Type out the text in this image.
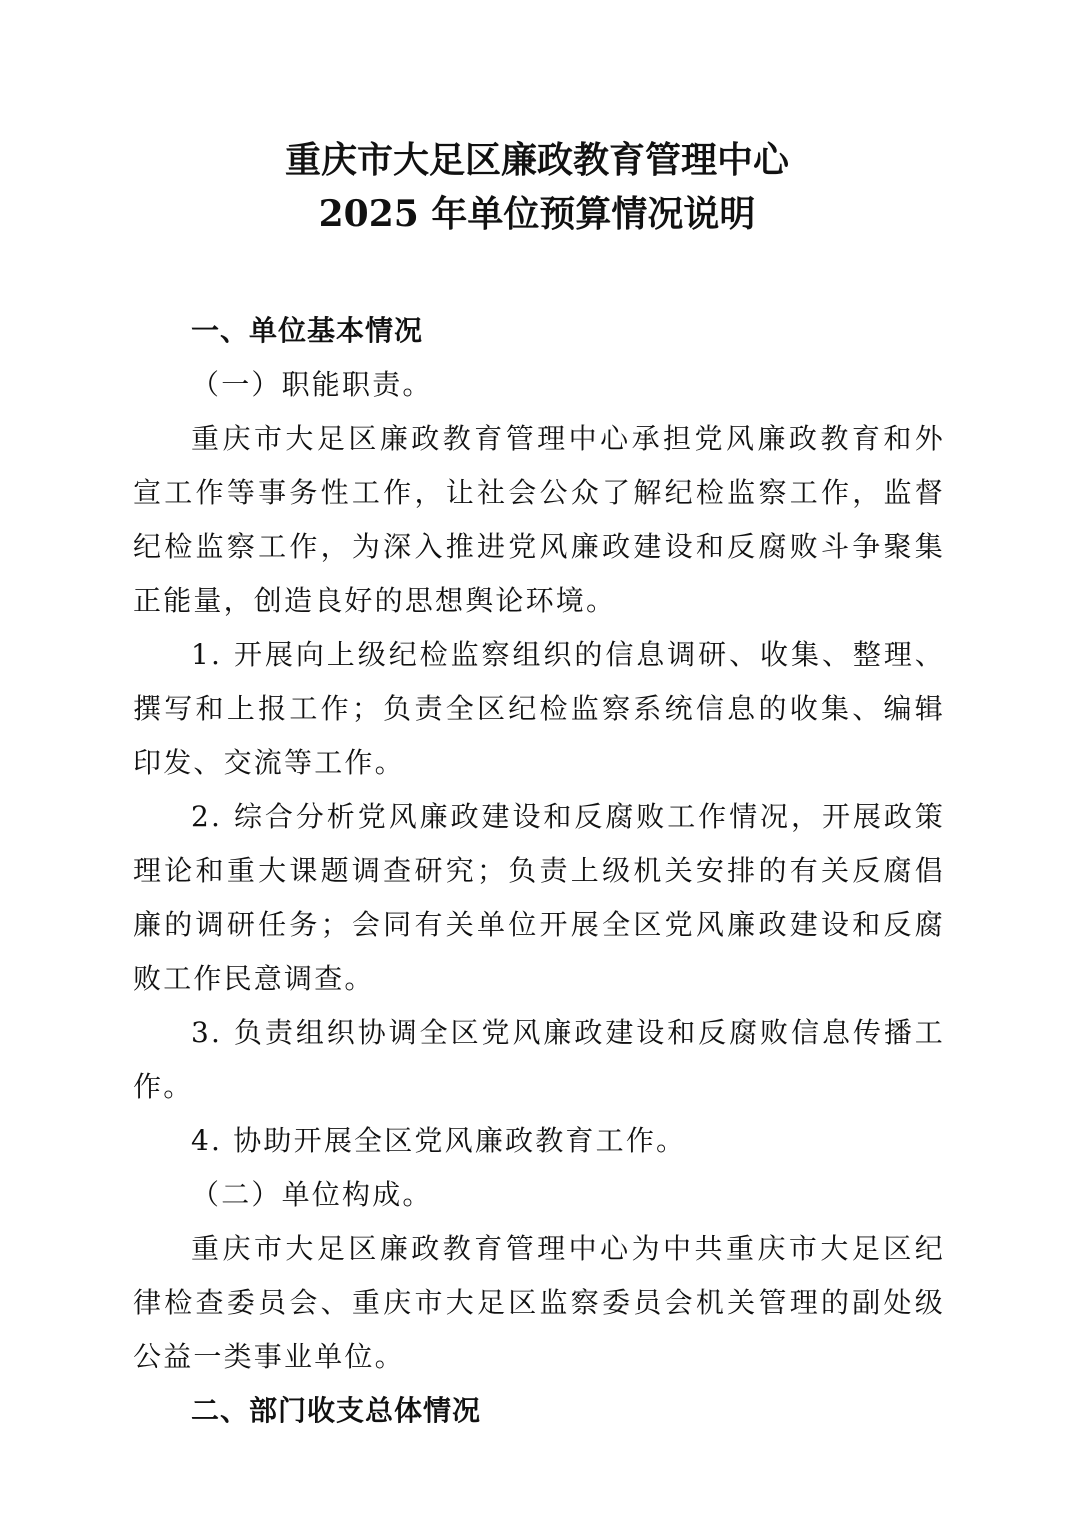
重庆市大足区廉政教育管理中心
2025 年单位预算情况说明

一、单位基本情况

（一）职能职责。

重庆市大足区廉政教育管理中心承担党风廉政教育和外宣工作等事务性工作，让社会公众了解纪检监察工作，监督纪检监察工作，为深入推进党风廉政建设和反腐败斗争聚集正能量，创造良好的思想舆论环境。

1. 开展向上级纪检监察组织的信息调研、收集、整理、撰写和上报工作；负责全区纪检监察系统信息的收集、编辑印发、交流等工作。

2. 综合分析党风廉政建设和反腐败工作情况，开展政策理论和重大课题调查研究；负责上级机关安排的有关反腐倡廉的调研任务；会同有关单位开展全区党风廉政建设和反腐败工作民意调查。

3. 负责组织协调全区党风廉政建设和反腐败信息传播工作。

4. 协助开展全区党风廉政教育工作。

（二）单位构成。

重庆市大足区廉政教育管理中心为中共重庆市大足区纪律检查委员会、重庆市大足区监察委员会机关管理的副处级公益一类事业单位。

二、部门收支总体情况
